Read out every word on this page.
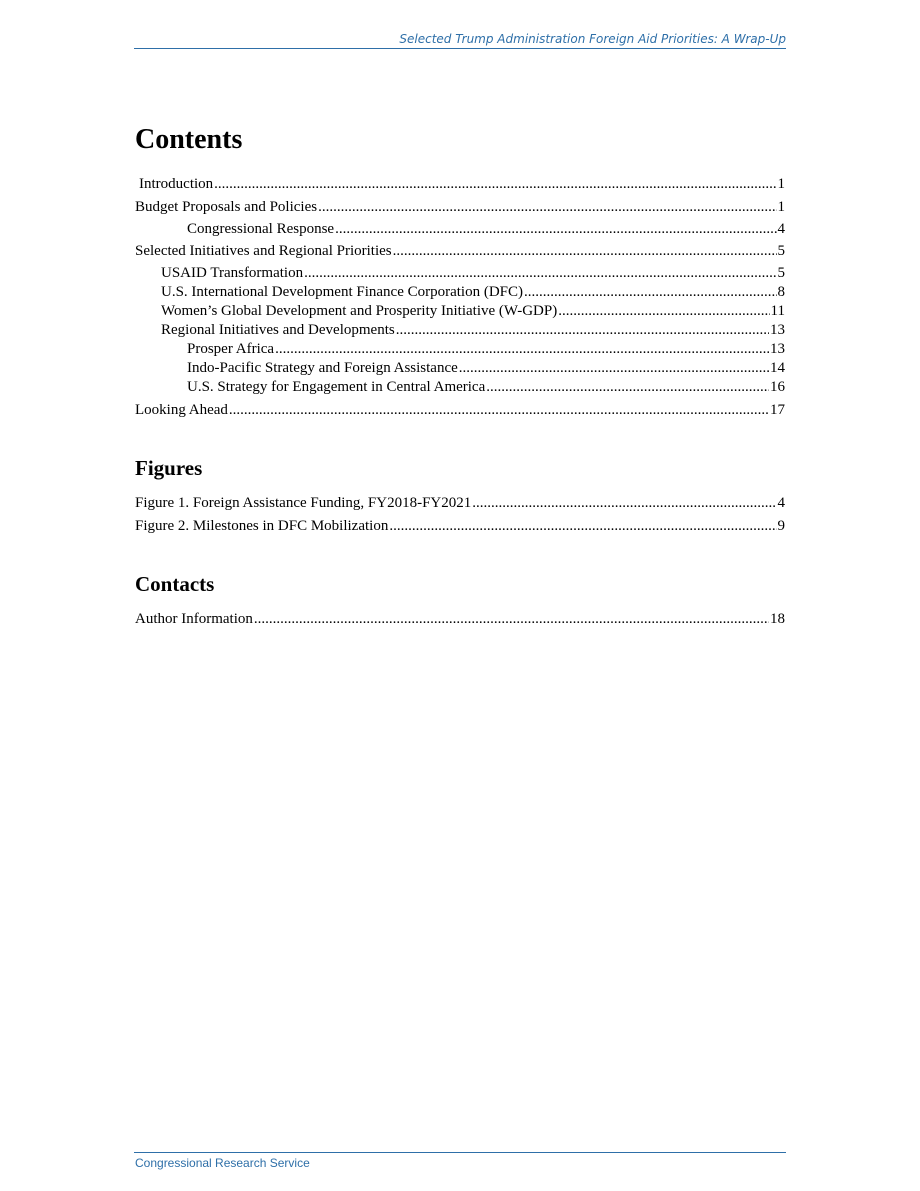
Selected Trump Administration Foreign Aid Priorities: A Wrap-Up
Contents
Introduction .....	1
Budget Proposals and Policies .....	1
Congressional Response .....	4
Selected Initiatives and Regional Priorities .....	5
USAID Transformation .....	5
U.S. International Development Finance Corporation (DFC) .....	8
Women’s Global Development and Prosperity Initiative (W-GDP) .....	11
Regional Initiatives and Developments .....	13
Prosper Africa .....	13
Indo-Pacific Strategy and Foreign Assistance .....	14
U.S. Strategy for Engagement in Central America .....	16
Looking Ahead .....	17
Figures
Figure 1. Foreign Assistance Funding, FY2018-FY2021 .....	4
Figure 2. Milestones in DFC Mobilization .....	9
Contacts
Author Information .....	18
Congressional Research Service
